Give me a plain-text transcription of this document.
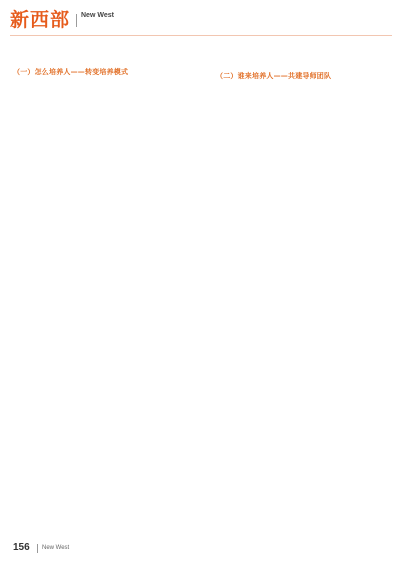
新西部 New West
（一）怎么培养人——转变培养模式	（二）谁来培养人——共建导师团队

156 New West
